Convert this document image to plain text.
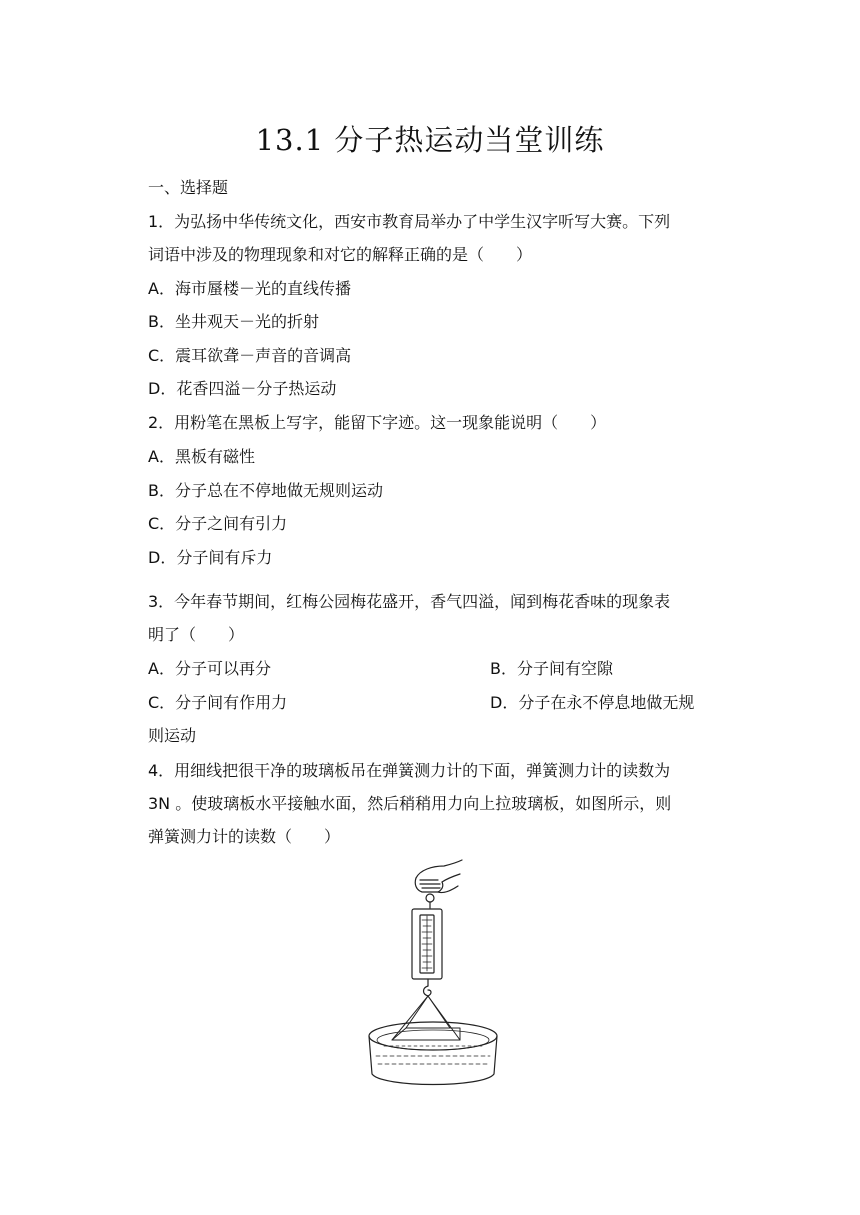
13.1 分子热运动当堂训练
一、选择题
1．为弘扬中华传统文化，西安市教育局举办了中学生汉字听写大赛。下列
词语中涉及的物理现象和对它的解释正确的是（　　）
A．海市蜃楼－光的直线传播
B．坐井观天－光的折射
C．震耳欲聋－声音的音调高
D．花香四溢－分子热运动
2．用粉笔在黑板上写字，能留下字迹。这一现象能说明（　　）
A．黑板有磁性
B．分子总在不停地做无规则运动
C．分子之间有引力
D．分子间有斥力
3．今年春节期间，红梅公园梅花盛开，香气四溢，闻到梅花香味的现象表
明了（　　）
A．分子可以再分	B．分子间有空隙
C．分子间有作用力	D．分子在永不停息地做无规
则运动
4．用细线把很干净的玻璃板吊在弹簧测力计的下面，弹簧测力计的读数为
3N 。使玻璃板水平接触水面，然后稍稍用力向上拉玻璃板，如图所示，则
弹簧测力计的读数（　　）
